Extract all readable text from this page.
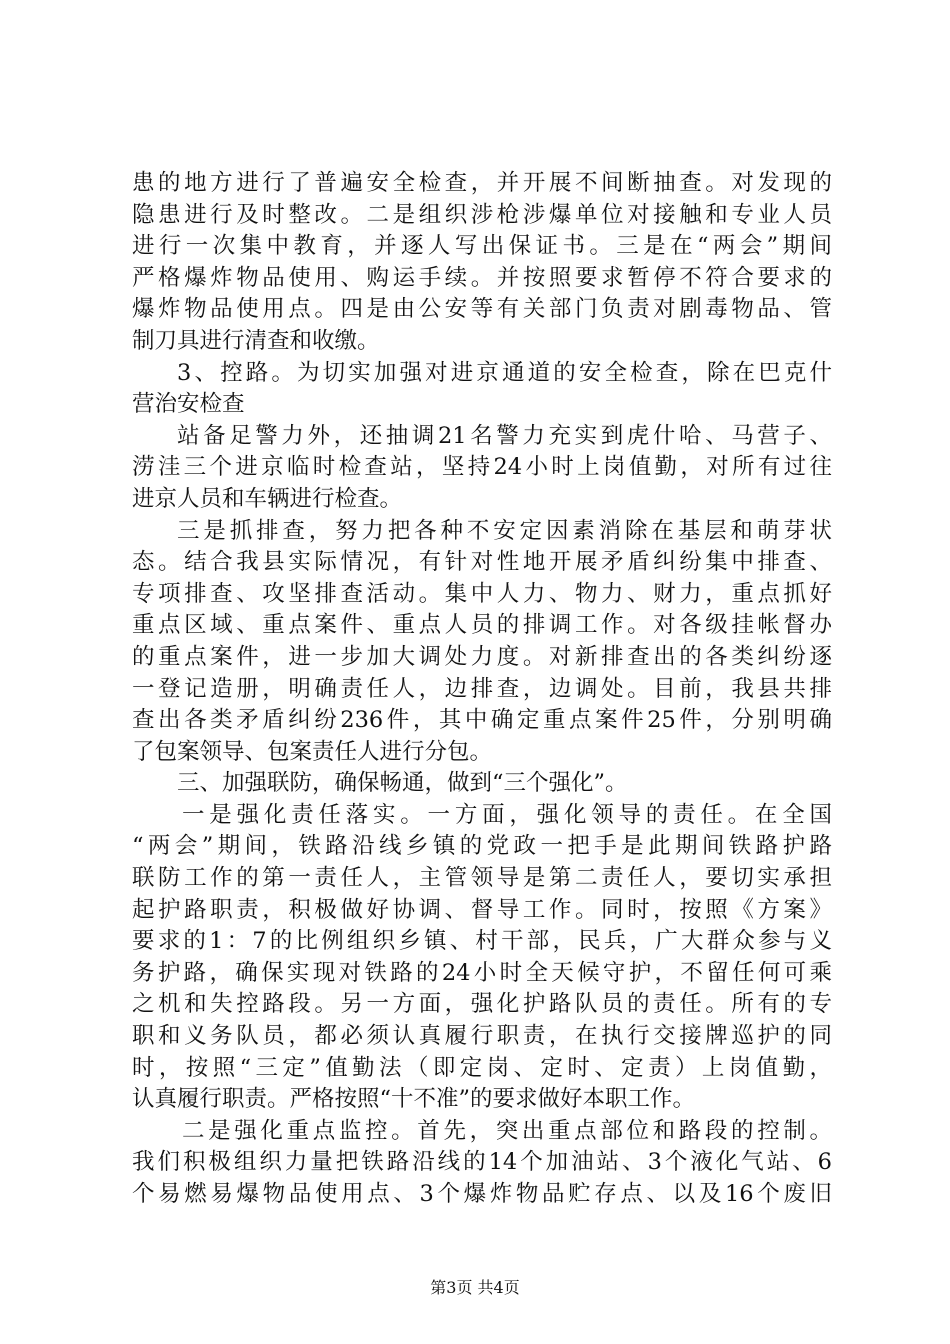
患的地方进行了普遍安全检查，并开展不间断抽查。对发现的
隐患进行及时整改。二是组织涉枪涉爆单位对接触和专业人员
进行一次集中教育，并逐人写出保证书。三是在“两会”期间
严格爆炸物品使用、购运手续。并按照要求暂停不符合要求的
爆炸物品使用点。四是由公安等有关部门负责对剧毒物品、管
制刀具进行清查和收缴。
3、控路。为切实加强对进京通道的安全检查，除在巴克什
营治安检查
站备足警力外，还抽调21名警力充实到虎什哈、马营子、
涝洼三个进京临时检查站，坚持24小时上岗值勤，对所有过往
进京人员和车辆进行检查。
三是抓排查，努力把各种不安定因素消除在基层和萌芽状
态。结合我县实际情况，有针对性地开展矛盾纠纷集中排查、
专项排查、攻坚排查活动。集中人力、物力、财力，重点抓好
重点区域、重点案件、重点人员的排调工作。对各级挂帐督办
的重点案件，进一步加大调处力度。对新排查出的各类纠纷逐
一登记造册，明确责任人，边排查，边调处。目前，我县共排
查出各类矛盾纠纷236件，其中确定重点案件25件，分别明确
了包案领导、包案责任人进行分包。
三、加强联防，确保畅通，做到“三个强化”。
一是强化责任落实。一方面，强化领导的责任。在全国
“两会”期间，铁路沿线乡镇的党政一把手是此期间铁路护路
联防工作的第一责任人，主管领导是第二责任人，要切实承担
起护路职责，积极做好协调、督导工作。同时，按照《方案》
要求的1：7的比例组织乡镇、村干部，民兵，广大群众参与义
务护路，确保实现对铁路的24小时全天候守护，不留任何可乘
之机和失控路段。另一方面，强化护路队员的责任。所有的专
职和义务队员，都必须认真履行职责，在执行交接牌巡护的同
时，按照“三定”值勤法（即定岗、定时、定责）上岗值勤，
认真履行职责。严格按照“十不准”的要求做好本职工作。
二是强化重点监控。首先，突出重点部位和路段的控制。
我们积极组织力量把铁路沿线的14个加油站、3个液化气站、6
个易燃易爆物品使用点、3个爆炸物品贮存点、以及16个废旧
第3页 共4页
